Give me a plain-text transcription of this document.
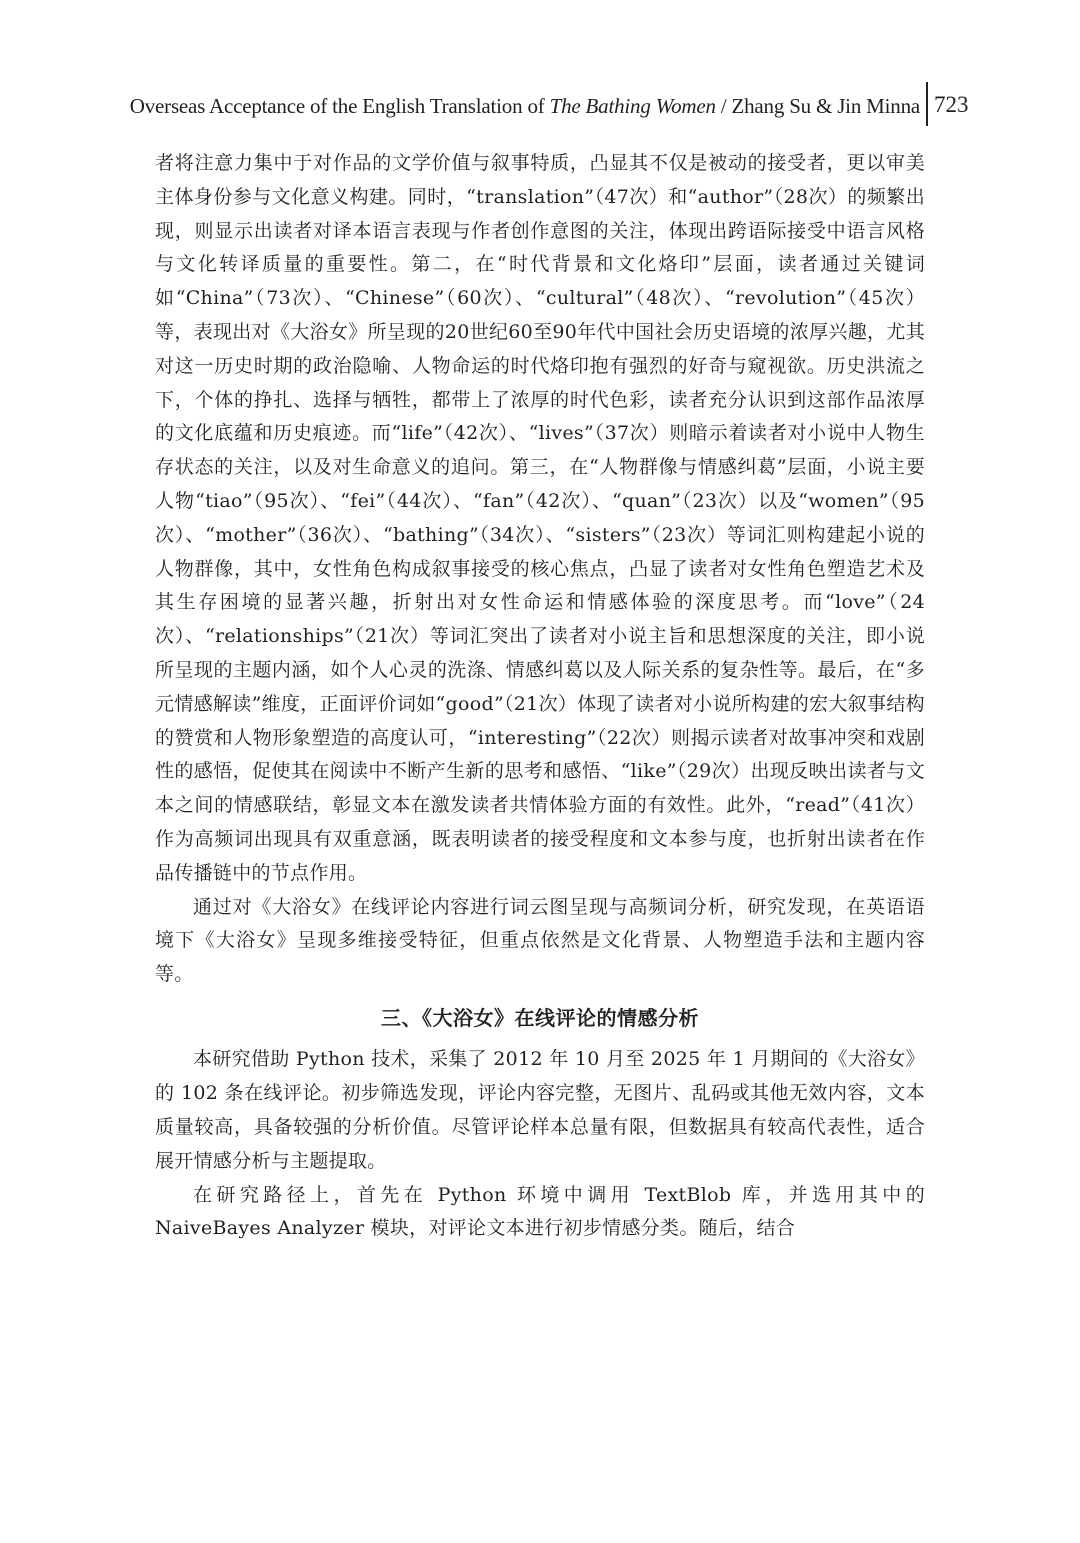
Overseas Acceptance of the English Translation of The Bathing Women / Zhang Su & Jin Minna 723

者将注意力集中于对作品的文学价值与叙事特质，凸显其不仅是被动的接受者，更以审美主体身份参与文化意义构建。同时，“translation”（47次）和“author”（28次）的频繁出现，则显示出读者对译本语言表现与作者创作意图的关注，体现出跨语际接受中语言风格与文化转译质量的重要性。第二，在“时代背景和文化烙印”层面，读者通过关键词如“China”（73次）、“Chinese”（60次）、“cultural”（48次）、“revolution”（45次）等，表现出对《大浴女》所呈现的20世纪60至90年代中国社会历史语境的浓厚兴趣，尤其对这一历史时期的政治隐喻、人物命运的时代烙印抱有强烈的好奇与窥视欲。历史洪流之下，个体的挣扎、选择与牺牲，都带上了浓厚的时代色彩，读者充分认识到这部作品浓厚的文化底蕴和历史痕迹。而“life”（42次）、“lives”（37次）则暗示着读者对小说中人物生存状态的关注，以及对生命意义的追问。第三，在“人物群像与情感纠葛”层面，小说主要人物“tiao”（95次）、“fei”（44次）、“fan”（42次）、“quan”（23次）以及“women”（95次）、“mother”（36次）、“bathing”（34次）、“sisters”（23次）等词汇则构建起小说的人物群像，其中，女性角色构成叙事接受的核心焦点，凸显了读者对女性角色塑造艺术及其生存困境的显著兴趣，折射出对女性命运和情感体验的深度思考。而“love”（24次）、“relationships”（21次）等词汇突出了读者对小说主旨和思想深度的关注，即小说所呈现的主题内涵，如个人心灵的洗涤、情感纠葛以及人际关系的复杂性等。最后，在“多元情感解读”维度，正面评价词如“good”（21次）体现了读者对小说所构建的宏大叙事结构的赞赏和人物形象塑造的高度认可，“interesting”（22次）则揭示读者对故事冲突和戏剧性的感悟，促使其在阅读中不断产生新的思考和感悟、“like”（29次）出现反映出读者与文本之间的情感联结，彰显文本在激发读者共情体验方面的有效性。此外，“read”（41次）作为高频词出现具有双重意涵，既表明读者的接受程度和文本参与度，也折射出读者在作品传播链中的节点作用。

通过对《大浴女》在线评论内容进行词云图呈现与高频词分析，研究发现，在英语语境下《大浴女》呈现多维接受特征，但重点依然是文化背景、人物塑造手法和主题内容等。

三、《大浴女》在线评论的情感分析

本研究借助 Python 技术，采集了 2012 年 10 月至 2025 年 1 月期间的《大浴女》的 102 条在线评论。初步筛选发现，评论内容完整，无图片、乱码或其他无效内容，文本质量较高，具备较强的分析价值。尽管评论样本总量有限，但数据具有较高代表性，适合展开情感分析与主题提取。

在研究路径上，首先在 Python 环境中调用 TextBlob 库，并选用其中的 NaiveBayes Analyzer 模块，对评论文本进行初步情感分类。随后，结合
